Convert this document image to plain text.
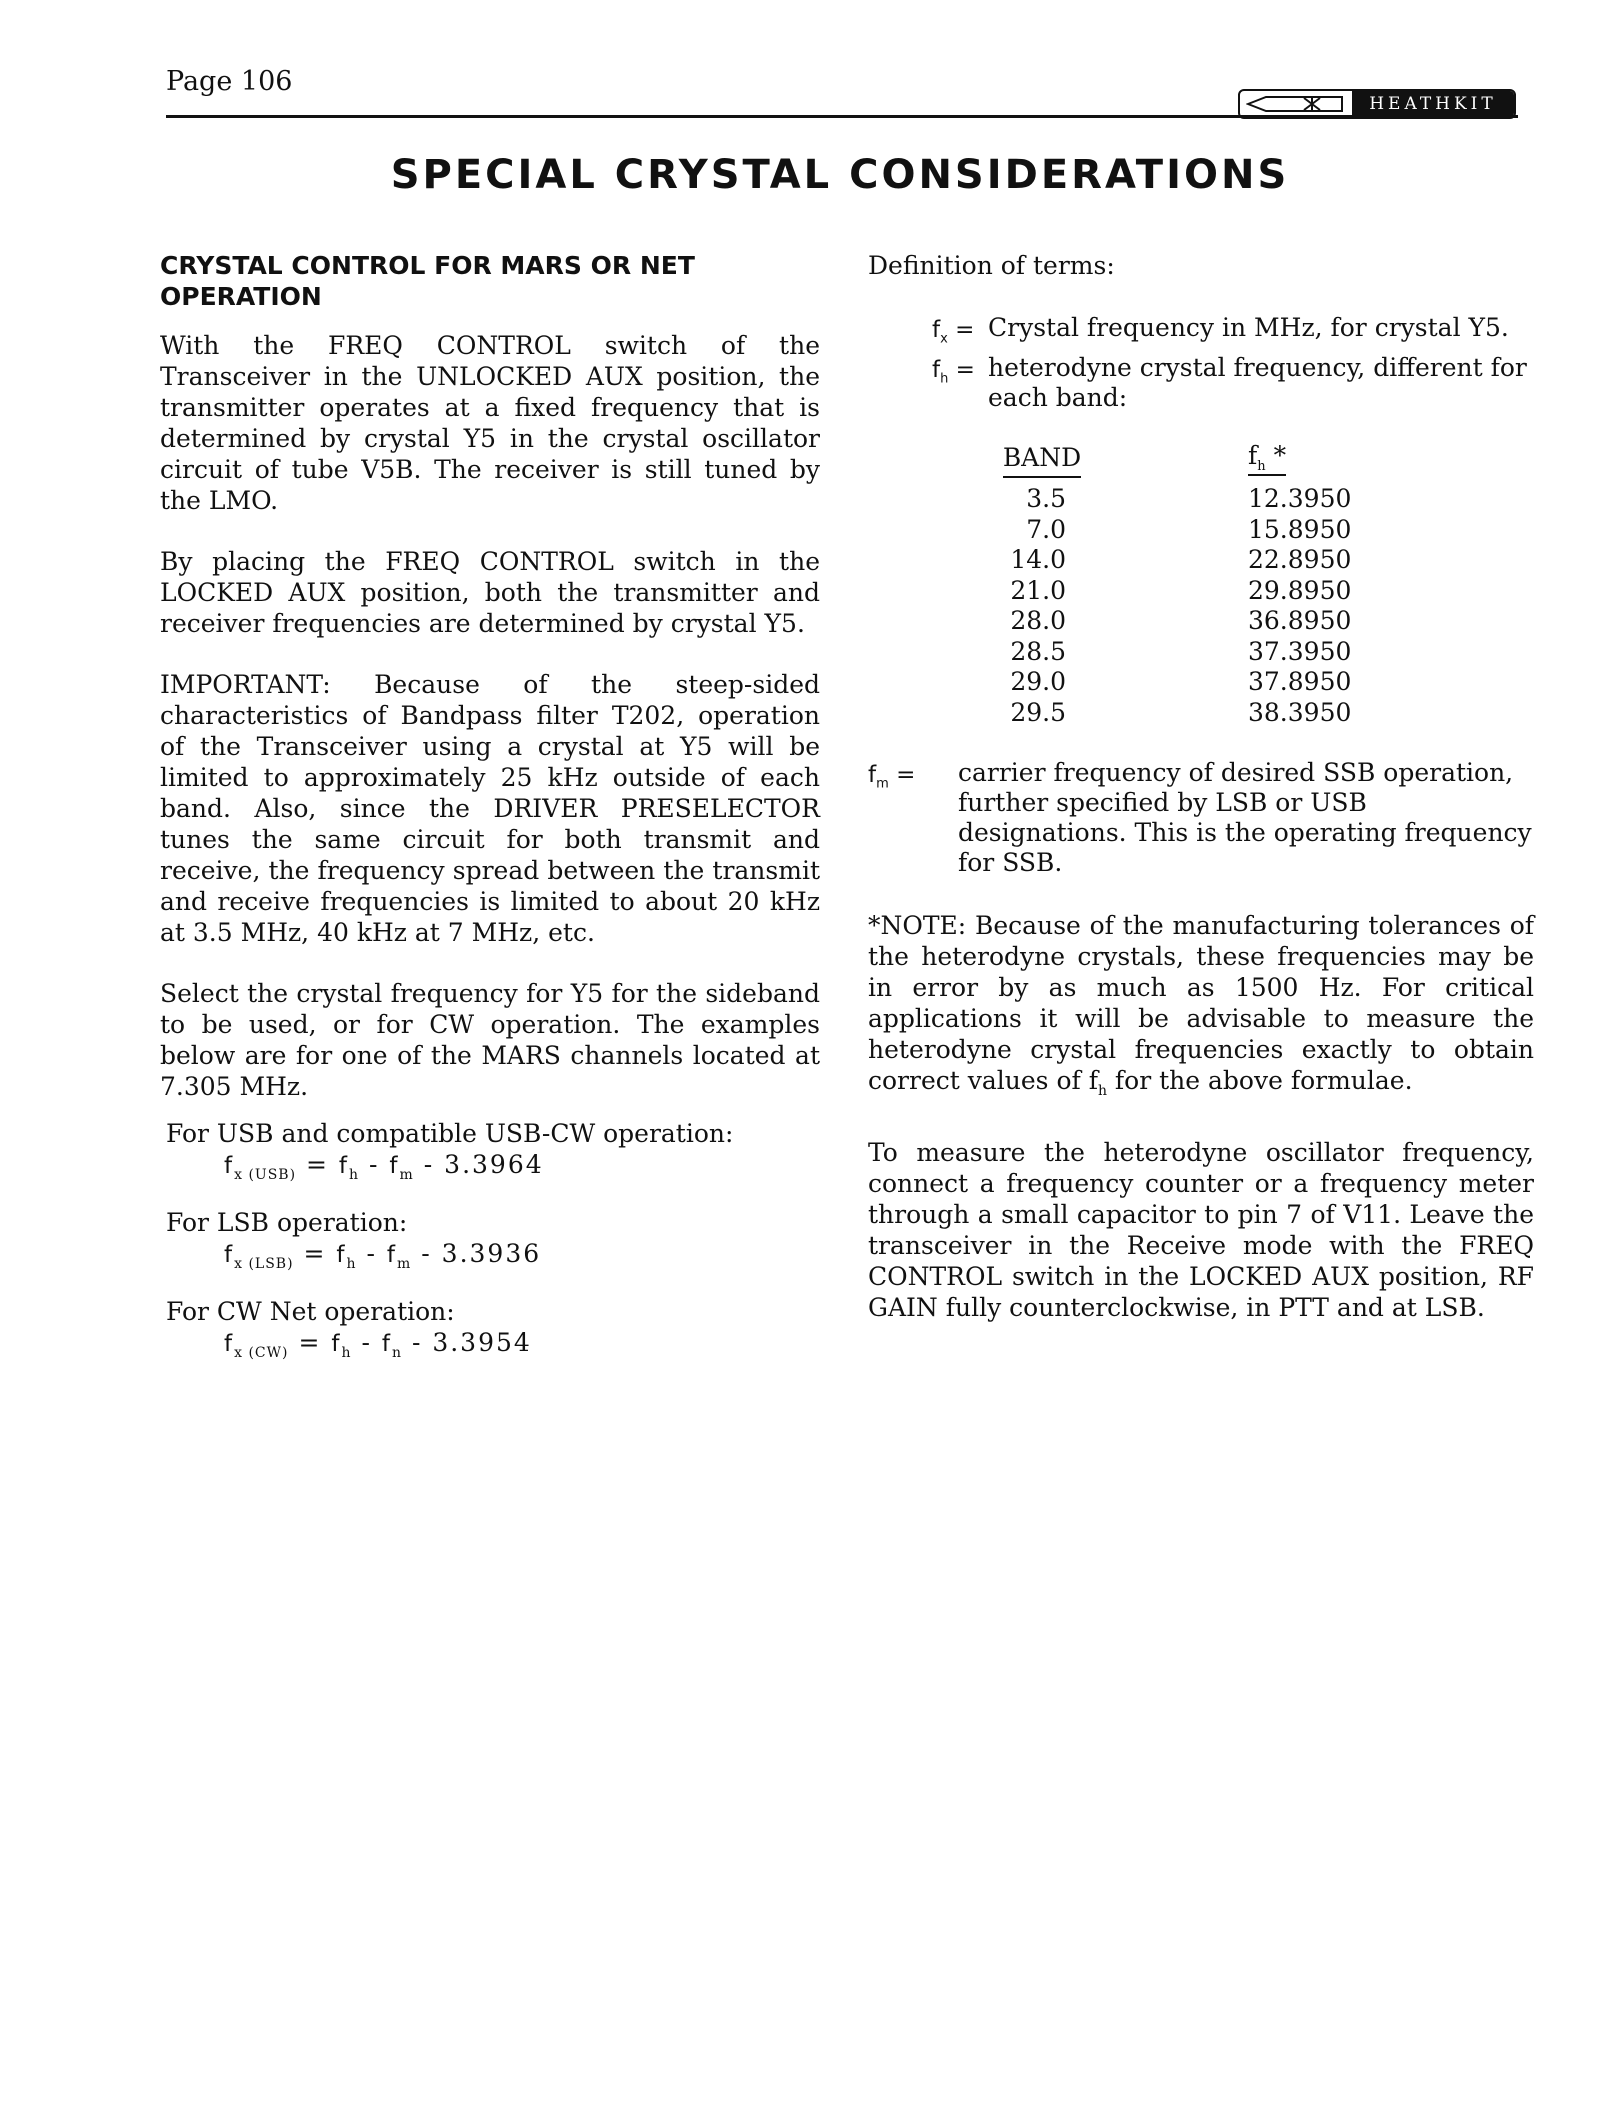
Page 106
HEATHKIT
SPECIAL CRYSTAL CONSIDERATIONS
CRYSTAL CONTROL FOR MARS OR NET OPERATION

With the FREQ CONTROL switch of the Transceiver in the UNLOCKED AUX position, the transmitter operates at a fixed frequency that is determined by crystal Y5 in the crystal oscillator circuit of tube V5B. The receiver is still tuned by the LMO.

By placing the FREQ CONTROL switch in the LOCKED AUX position, both the transmitter and receiver frequencies are determined by crystal Y5.

IMPORTANT: Because of the steep-sided characteristics of Bandpass filter T202, operation of the Transceiver using a crystal at Y5 will be limited to approximately 25 kHz outside of each band. Also, since the DRIVER PRESELECTOR tunes the same circuit for both transmit and receive, the frequency spread between the transmit and receive frequencies is limited to about 20 kHz at 3.5 MHz, 40 kHz at 7 MHz, etc.

Select the crystal frequency for Y5 for the sideband to be used, or for CW operation. The examples below are for one of the MARS channels located at 7.305 MHz.

For USB and compatible USB-CW operation:
$f_{x (USB)} = f_h - f_m - 3.3964$
For LSB operation:
$f_{x (LSB)} = f_h - f_m - 3.3936$
For CW Net operation:
$f_{x (CW)} = f_h - f_n - 3.3954$
Definition of terms:
$f_x$ = Crystal frequency in MHz, for crystal Y5.
$f_h$ = heterodyne crystal frequency, different for each band:
BAND	$f_h$ *
3.5	12.3950
7.0	15.8950
14.0	22.8950
21.0	29.8950
28.0	36.8950
28.5	37.3950
29.0	37.8950
29.5	38.3950
$f_m$ = carrier frequency of desired SSB operation, further specified by LSB or USB designations. This is the operating frequency for SSB.

*NOTE: Because of the manufacturing tolerances of the heterodyne crystals, these frequencies may be in error by as much as 1500 Hz. For critical applications it will be advisable to measure the heterodyne crystal frequencies exactly to obtain correct values of $f_h$ for the above formulae.

To measure the heterodyne oscillator frequency, connect a frequency counter or a frequency meter through a small capacitor to pin 7 of V11. Leave the transceiver in the Receive mode with the FREQ CONTROL switch in the LOCKED AUX position, RF GAIN fully counterclockwise, in PTT and at LSB.
